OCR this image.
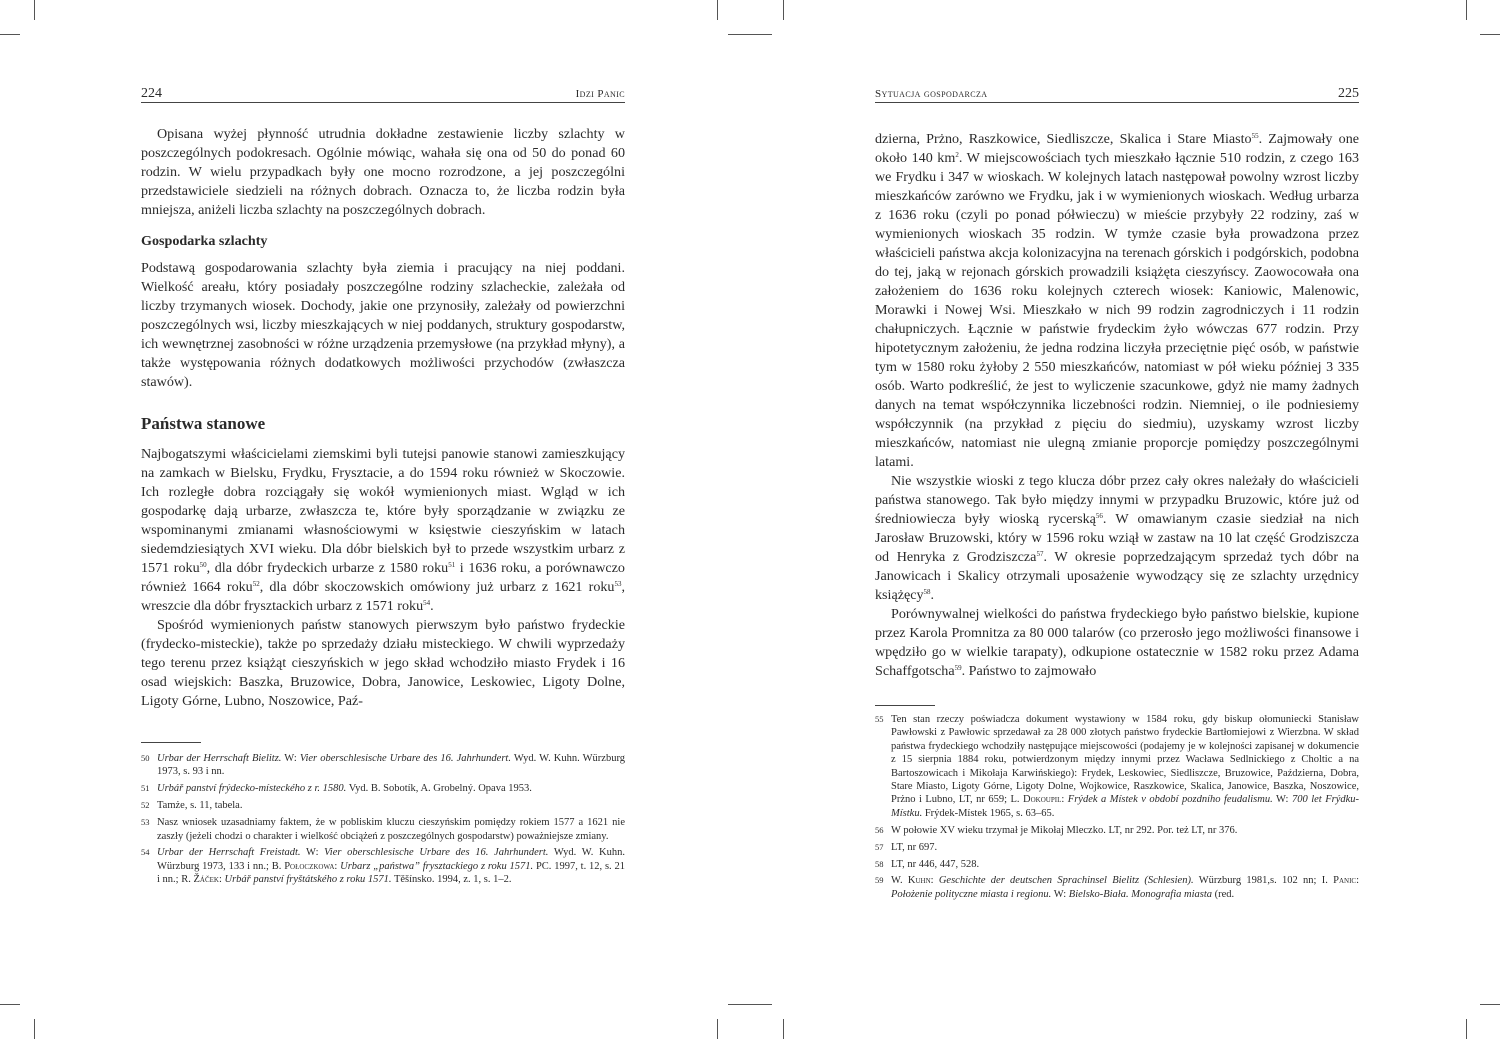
224	Idzi Panic

Opisana wyżej płynność utrudnia dokładne zestawienie liczby szlachty w poszczególnych podokresach. Ogólnie mówiąc, wahała się ona od 50 do ponad 60 rodzin. W wielu przypadkach były one mocno rozrodzone, a jej poszczególni przedstawiciele siedzieli na różnych dobrach. Oznacza to, że liczba rodzin była mniejsza, aniżeli liczba szlachty na poszczególnych dobrach.

Gospodarka szlachty

Podstawą gospodarowania szlachty była ziemia i pracujący na niej poddani. Wielkość areału, który posiadały poszczególne rodziny szlacheckie, zależała od liczby trzymanych wiosek. Dochody, jakie one przynosiły, zależały od powierzchni poszczególnych wsi, liczby mieszkających w niej poddanych, struktury gospodarstw, ich wewnętrznej zasobności w różne urządzenia przemysłowe (na przykład młyny), a także występowania różnych dodatkowych możliwości przychodów (zwłaszcza stawów).

Państwa stanowe

Najbogatszymi właścicielami ziemskimi byli tutejsi panowie stanowi zamieszkujący na zamkach w Bielsku, Frydku, Frysztacie, a do 1594 roku również w Skoczowie. Ich rozległe dobra rozciągały się wokół wymienionych miast. Wgląd w ich gospodarkę dają urbarze, zwłaszcza te, które były sporządzanie w związku ze wspominanymi zmianami własnościowymi w księstwie cieszyńskim w latach siedemdziesiątych XVI wieku. Dla dóbr bielskich był to przede wszystkim urbarz z 1571 roku$^{50}$, dla dóbr frydeckich urbarze z 1580 roku$^{51}$ i 1636 roku, a porównawczo również 1664 roku$^{52}$, dla dóbr skoczowskich omówiony już urbarz z 1621 roku$^{53}$, wreszcie dla dóbr frysztackich urbarz z 1571 roku$^{54}$.

Spośród wymienionych państw stanowych pierwszym było państwo frydeckie (frydecko-misteckie), także po sprzedaży działu misteckiego. W chwili wyprzedaży tego terenu przez książąt cieszyńskich w jego skład wchodziło miasto Frydek i 16 osad wiejskich: Baszka, Bruzowice, Dobra, Janowice, Leskowiec, Ligoty Dolne, Ligoty Górne, Lubno, Noszowice, Paź-

50 Urbar der Herrschaft Bielitz. W: Vier oberschlesische Urbare des 16. Jahrhundert. Wyd. W. Kuhn. Würzburg 1973, s. 93 i nn.
51 Urbář panství frýdecko-místeckého z r. 1580. Vyd. B. Sobotík, A. Grobelný. Opava 1953.
52 Tamże, s. 11, tabela.
53 Nasz wniosek uzasadniamy faktem, że w pobliskim kluczu cieszyńskim pomiędzy rokiem 1577 a 1621 nie zaszły (jeżeli chodzi o charakter i wielkość obciążeń z poszczególnych gospodarstw) poważniejsze zmiany.
54 Urbar der Herrschaft Freistadt. W: Vier oberschlesische Urbare des 16. Jahrhundert. Wyd. W. Kuhn. Würzburg 1973, 133 i nn.; B. Połoczkowa: Urbarz „państwa” frysztackiego z roku 1571. PC. 1997, t. 12, s. 21 i nn.; R. Žáček: Urbář panství fryštátského z roku 1571. Těšínsko. 1994, z. 1, s. 1–2.
Sytuacja gospodarcza	225

dzierna, Prżno, Raszkowice, Siedliszcze, Skalica i Stare Miasto$^{55}$. Zajmowały one około 140 $km^2$. W miejscowościach tych mieszkało łącznie 510 rodzin, z czego 163 we Frydku i 347 w wioskach. W kolejnych latach następował powolny wzrost liczby mieszkańców zarówno we Frydku, jak i w wymienionych wioskach. Według urbarza z 1636 roku (czyli po ponad półwieczu) w mieście przybyły 22 rodziny, zaś w wymienionych wioskach 35 rodzin. W tymże czasie była prowadzona przez właścicieli państwa akcja kolonizacyjna na terenach górskich i podgórskich, podobna do tej, jaką w rejonach górskich prowadzili książęta cieszyńscy. Zaowocowała ona założeniem do 1636 roku kolejnych czterech wiosek: Kaniowic, Malenowic, Morawki i Nowej Wsi. Mieszkało w nich 99 rodzin zagrodniczych i 11 rodzin chałupniczych. Łącznie w państwie frydeckim żyło wówczas 677 rodzin. Przy hipotetycznym założeniu, że jedna rodzina liczyła przeciętnie pięć osób, w państwie tym w 1580 roku żyłoby 2 550 mieszkańców, natomiast w pół wieku później 3 335 osób. Warto podkreślić, że jest to wyliczenie szacunkowe, gdyż nie mamy żadnych danych na temat współczynnika liczebności rodzin. Niemniej, o ile podniesiemy współczynnik (na przykład z pięciu do siedmiu), uzyskamy wzrost liczby mieszkańców, natomiast nie ulegną zmianie proporcje pomiędzy poszczególnymi latami.

Nie wszystkie wioski z tego klucza dóbr przez cały okres należały do właścicieli państwa stanowego. Tak było między innymi w przypadku Bruzowic, które już od średniowiecza były wioską rycerską$^{56}$. W omawianym czasie siedział na nich Jarosław Bruzowski, który w 1596 roku wziął w zastaw na 10 lat część Grodziszcza od Henryka z Grodziszcza$^{57}$. W okresie poprzedzającym sprzedaż tych dóbr na Janowicach i Skalicy otrzymali uposażenie wywodzący się ze szlachty urzędnicy książęcy$^{58}$.

Porównywalnej wielkości do państwa frydeckiego było państwo bielskie, kupione przez Karola Promnitza za 80 000 talarów (co przerosło jego możliwości finansowe i wpędziło go w wielkie tarapaty), odkupione ostatecznie w 1582 roku przez Adama Schaffgotscha$^{59}$. Państwo to zajmowało

55 Ten stan rzeczy poświadcza dokument wystawiony w 1584 roku, gdy biskup ołomuniecki Stanisław Pawłowski z Pawłowic sprzedawał za 28 000 złotych państwo frydeckie Bartłomiejowi z Wierzbna. W skład państwa frydeckiego wchodziły następujące miejscowości (podajemy je w kolejności zapisanej w dokumencie z 15 sierpnia 1884 roku, potwierdzonym między innymi przez Wacława Sedlnickiego z Choltic a na Bartoszowicach i Mikołaja Karwińskiego): Frydek, Leskowiec, Siedliszcze, Bruzowice, Październa, Dobra, Stare Miasto, Ligoty Górne, Ligoty Dolne, Wojkowice, Raszkowice, Skalica, Janowice, Baszka, Noszowice, Prżno i Lubno, LT, nr 659; L. Dokoupil: Frýdek a Místek v období pozdního feudalismu. W: 700 let Frýdku-Místku. Frýdek-Místek 1965, s. 63–65.
56 W połowie XV wieku trzymał je Mikołaj Mleczko. LT, nr 292. Por. też LT, nr 376.
57 LT, nr 697.
58 LT, nr 446, 447, 528.
59 W. Kuhn: Geschichte der deutschen Sprachinsel Bielitz (Schlesien). Würzburg 1981,s. 102 nn; I. Panic: Położenie polityczne miasta i regionu. W: Bielsko-Biała. Monografia miasta (red.
